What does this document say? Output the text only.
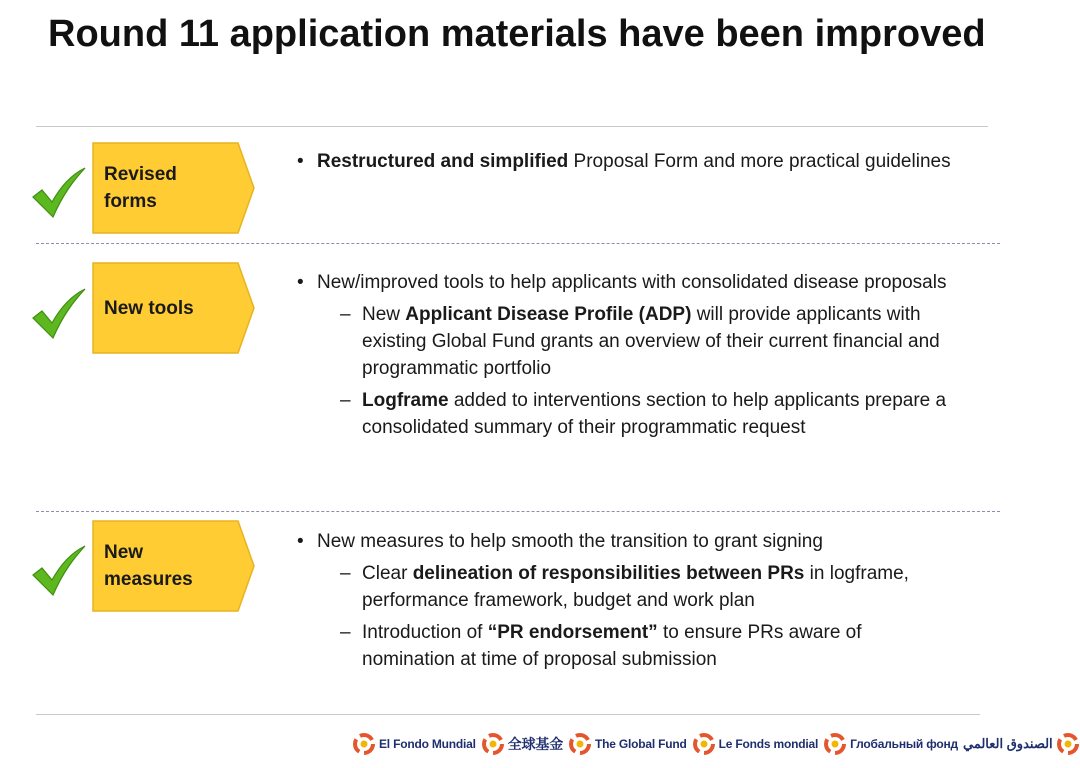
Round 11 application materials have been improved
Revised forms
• Restructured and simplified Proposal Form and more practical guidelines
New tools
• New/improved tools to help applicants with consolidated disease proposals
– New Applicant Disease Profile (ADP) will provide applicants with existing Global Fund grants an overview of their current financial and programmatic portfolio
– Logframe added to interventions section to help applicants prepare a consolidated summary of their programmatic request
New measures
• New measures to help smooth the transition to grant signing
– Clear delineation of responsibilities between PRs in logframe, performance framework, budget and work plan
– Introduction of “PR endorsement” to ensure PRs aware of nomination at time of proposal submission
El Fondo Mundial 全球基金	The Global Fund	Le Fonds mondial	Глобальный фонд الصندوق العالمي
